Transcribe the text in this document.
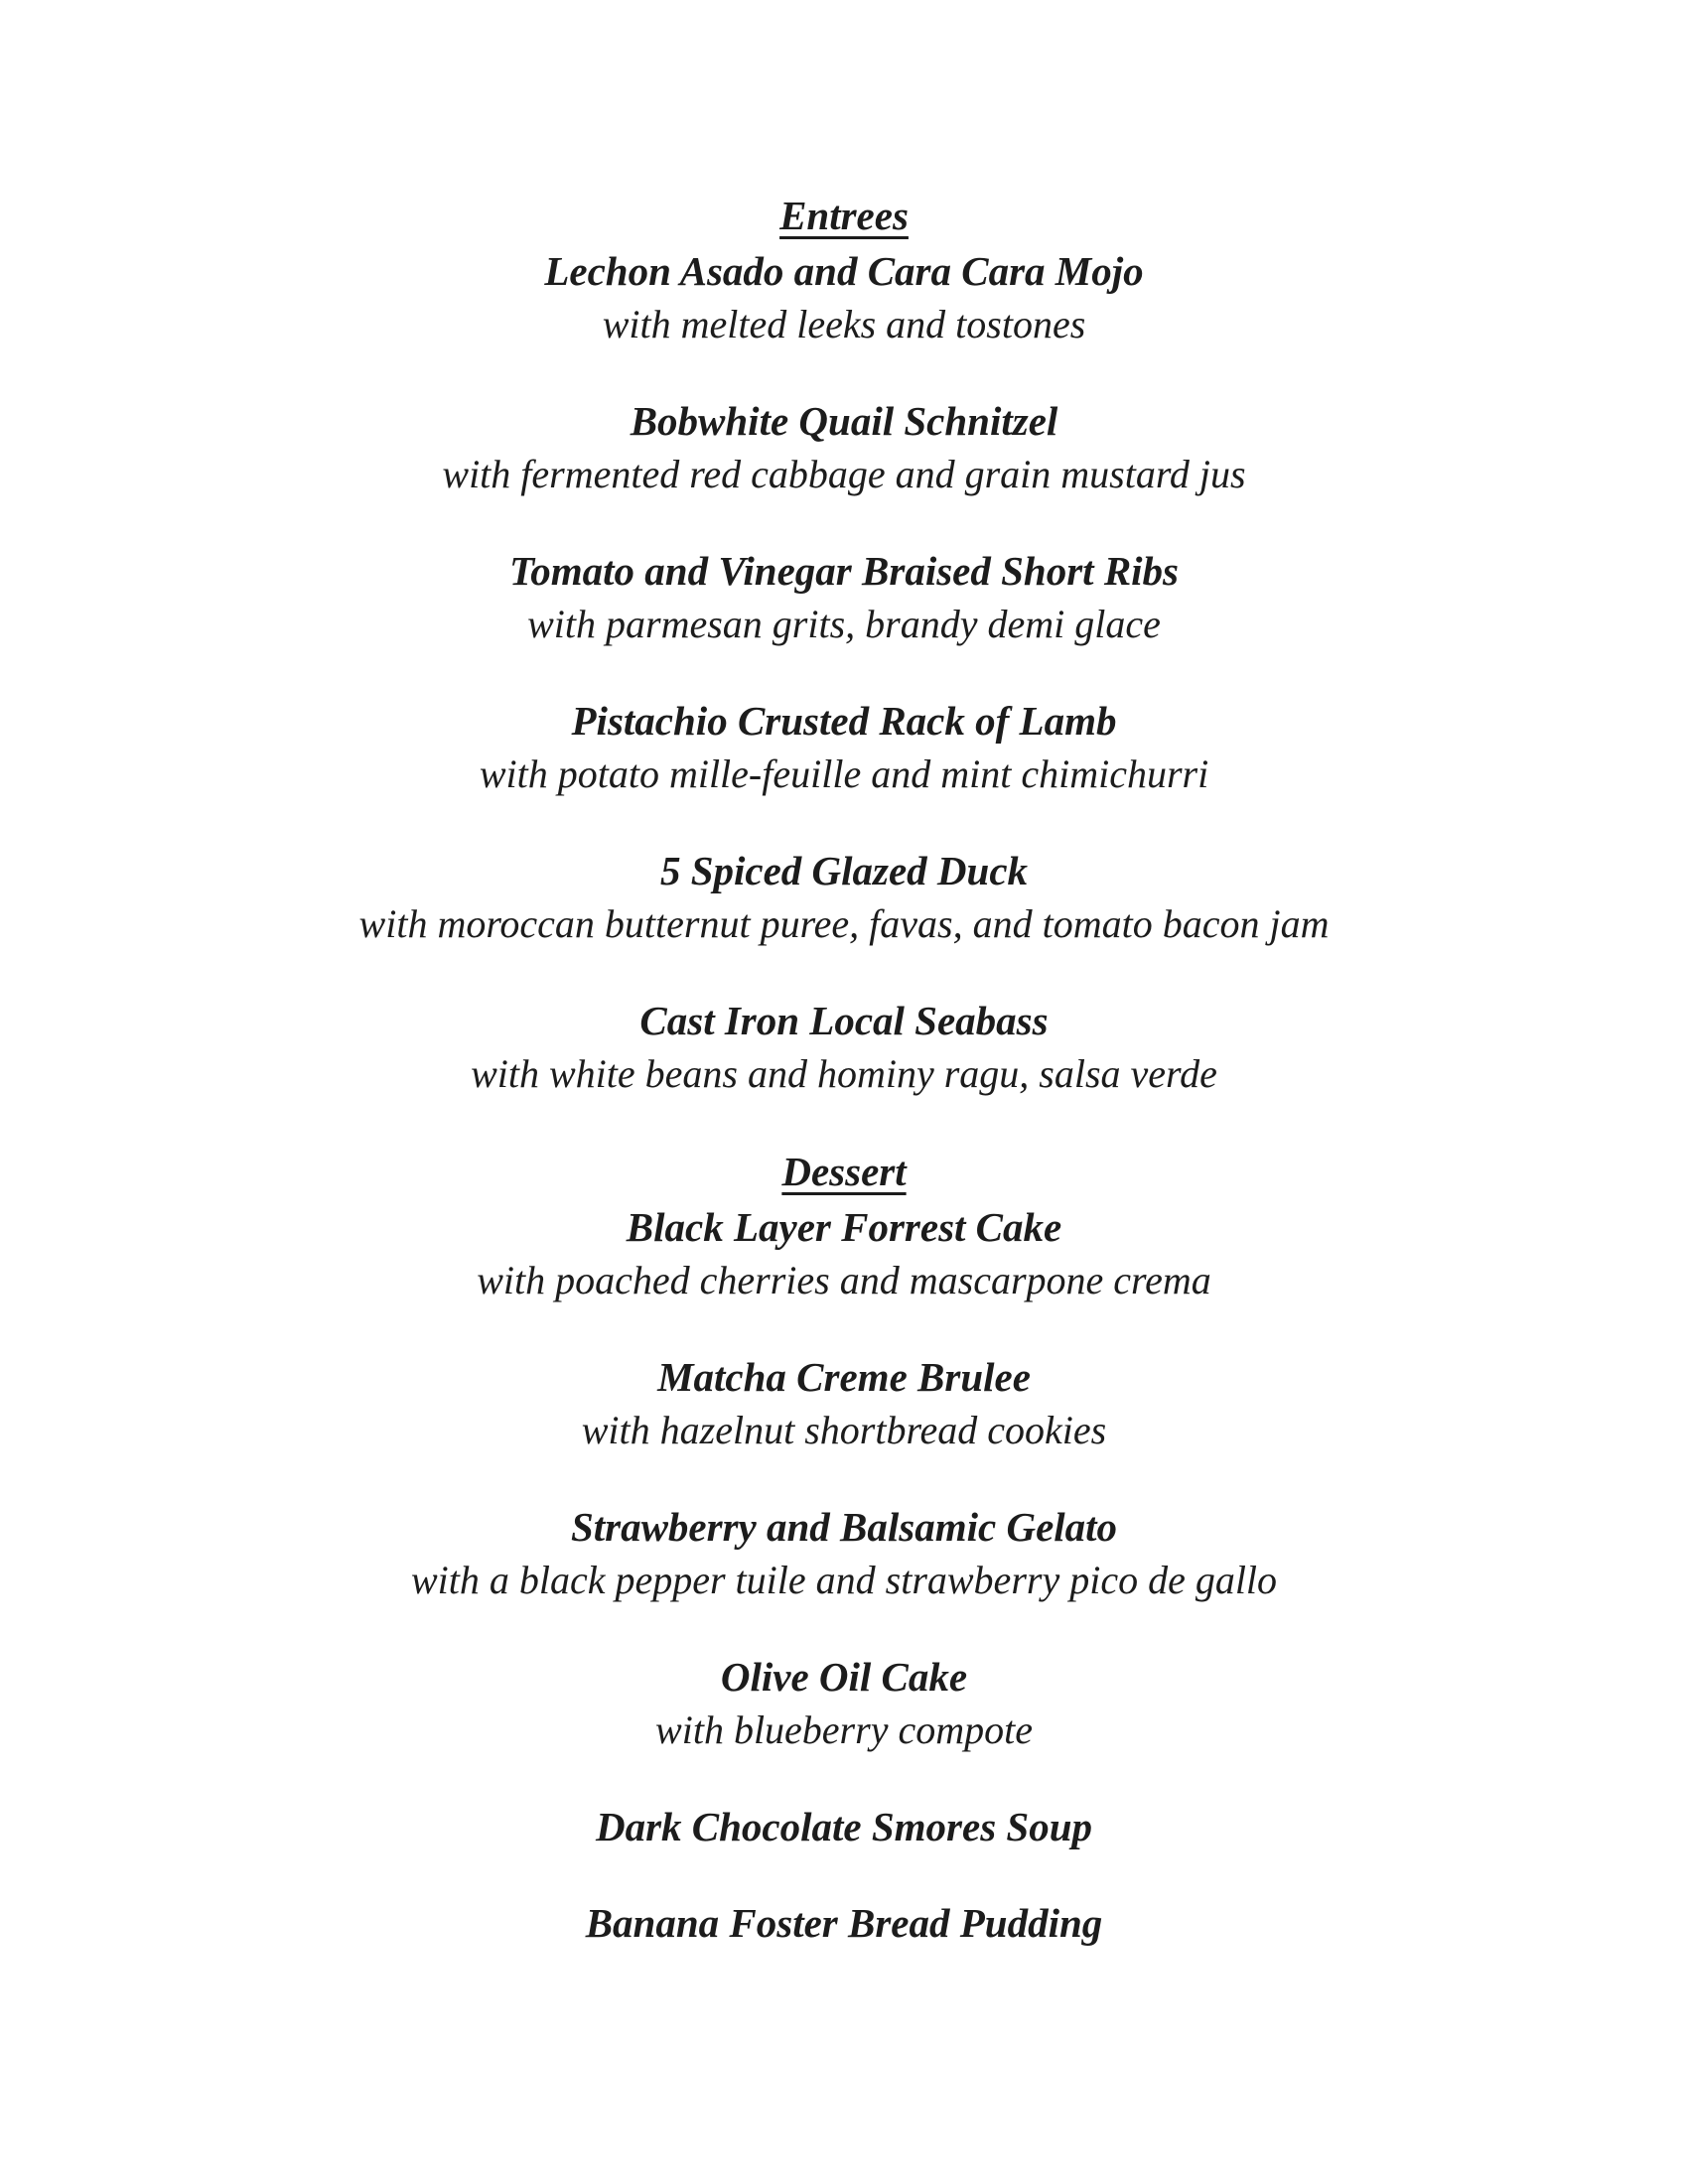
Entrees
Lechon Asado and Cara Cara Mojo
with melted leeks and tostones
Bobwhite Quail Schnitzel
with fermented red cabbage and grain mustard jus
Tomato and Vinegar Braised Short Ribs
with parmesan grits, brandy demi glace
Pistachio Crusted Rack of Lamb
with potato mille-feuille and mint chimichurri
5 Spiced Glazed Duck
with moroccan butternut puree, favas, and tomato bacon jam
Cast Iron Local Seabass
with white beans and hominy ragu, salsa verde
Dessert
Black Layer Forrest Cake
with poached cherries and mascarpone crema
Matcha Creme Brulee
with hazelnut shortbread cookies
Strawberry and Balsamic Gelato
with a black pepper tuile and strawberry pico de gallo
Olive Oil Cake
with blueberry compote
Dark Chocolate Smores Soup
Banana Foster Bread Pudding
